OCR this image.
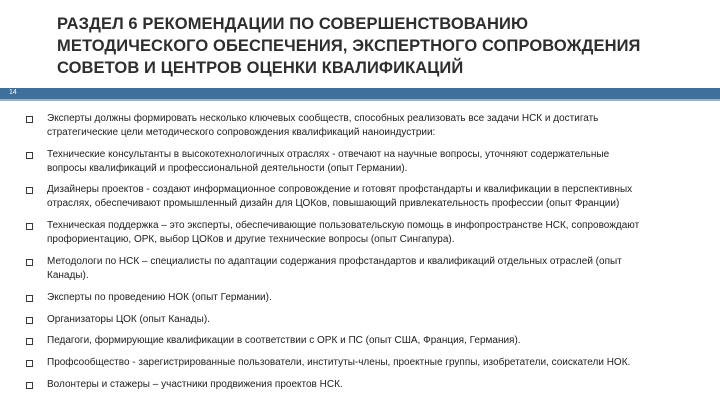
РАЗДЕЛ 6 РЕКОМЕНДАЦИИ ПО СОВЕРШЕНСТВОВАНИЮ
МЕТОДИЧЕСКОГО ОБЕСПЕЧЕНИЯ, ЭКСПЕРТНОГО СОПРОВОЖДЕНИЯ
СОВЕТОВ И ЦЕНТРОВ ОЦЕНКИ КВАЛИФИКАЦИЙ
14
Эксперты должны формировать несколько ключевых сообществ, способных реализовать все задачи НСК и достигать
стратегические цели методического сопровождения квалификаций наноиндустрии:
Технические консультанты в высокотехнологичных отраслях - отвечают на научные вопросы, уточняют содержательные
вопросы квалификаций и профессиональной деятельности (опыт Германии).
Дизайнеры проектов - создают информационное сопровождение и готовят профстандарты и квалификации в перспективных
отраслях, обеспечивают промышленный дизайн для ЦОКов, повышающий привлекательность профессии (опыт Франции)
Техническая поддержка – это эксперты, обеспечивающие пользовательскую помощь в инфопространстве НСК, сопровождают
профориентацию, ОРК, выбор ЦОКов и другие технические вопросы (опыт Сингапура).
Методологи по НСК – специалисты по адаптации содержания профстандартов и квалификаций отдельных отраслей (опыт
Канады).
Эксперты по проведению НОК (опыт Германии).
Организаторы ЦОК (опыт Канады).
Педагоги, формирующие квалификации в соответствии с ОРК и ПС (опыт США, Франция, Германия).
Профсообщество - зарегистрированные пользователи, институты-члены, проектные группы, изобретатели, соискатели НОК.
Волонтеры и стажеры – участники продвижения проектов НСК.
